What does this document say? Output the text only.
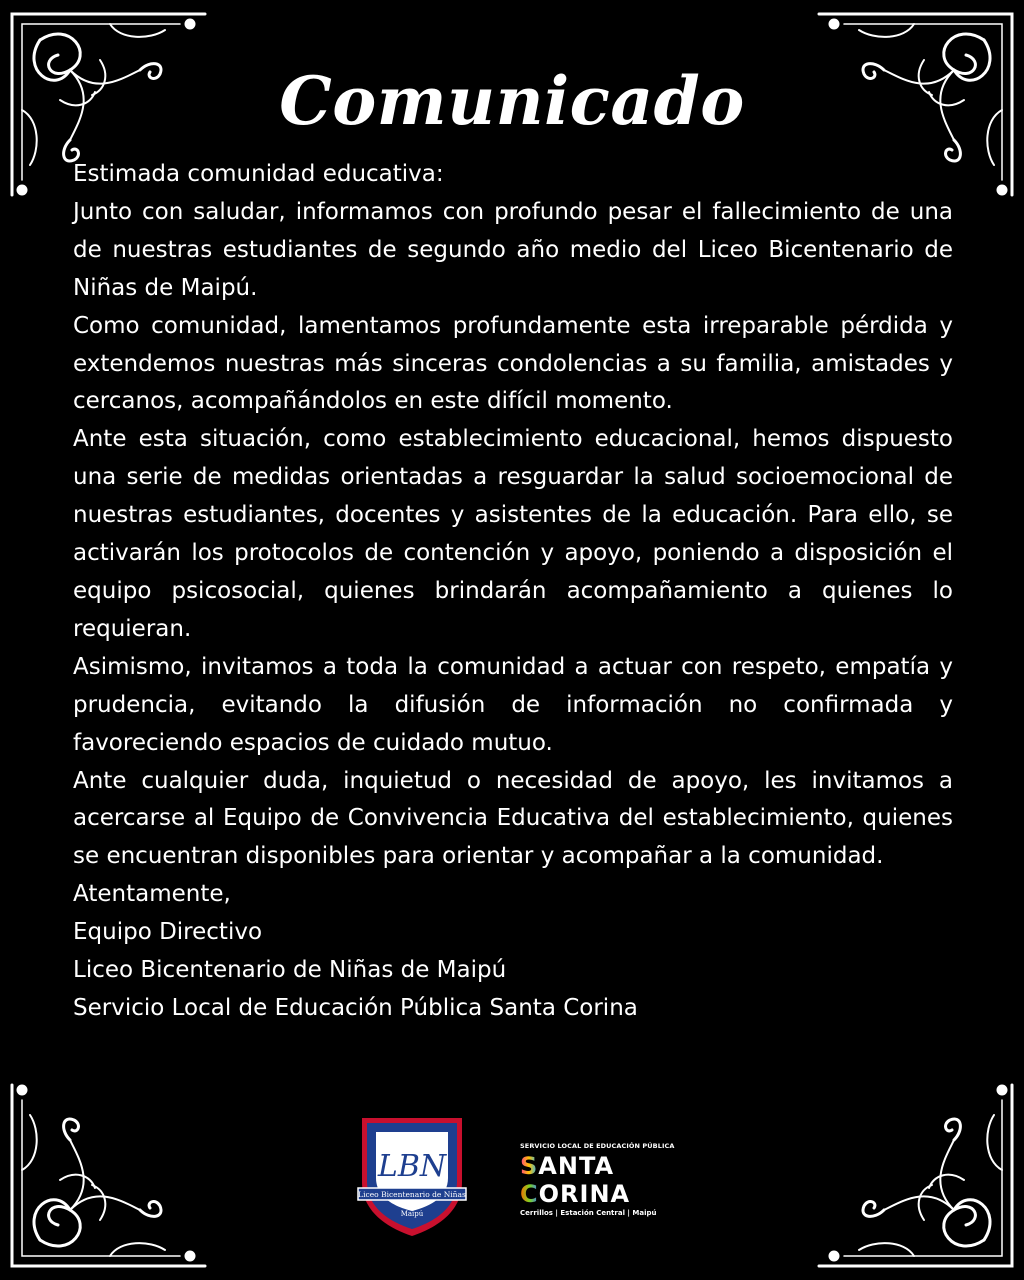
Comunicado

Estimada comunidad educativa:

Junto con saludar, informamos con profundo pesar el fallecimiento de una de nuestras estudiantes de segundo año medio del Liceo Bicentenario de Niñas de Maipú.

Como comunidad, lamentamos profundamente esta irreparable pérdida y extendemos nuestras más sinceras condolencias a su familia, amistades y cercanos, acompañándolos en este difícil momento.

Ante esta situación, como establecimiento educacional, hemos dispuesto una serie de medidas orientadas a resguardar la salud socioemocional de nuestras estudiantes, docentes y asistentes de la educación. Para ello, se activarán los protocolos de contención y apoyo, poniendo a disposición el equipo psicosocial, quienes brindarán acompañamiento a quienes lo requieran.

Asimismo, invitamos a toda la comunidad a actuar con respeto, empatía y prudencia, evitando la difusión de información no confirmada y favoreciendo espacios de cuidado mutuo.

Ante cualquier duda, inquietud o necesidad de apoyo, les invitamos a acercarse al Equipo de Convivencia Educativa del establecimiento, quienes se encuentran disponibles para orientar y acompañar a la comunidad.

Atentamente,

Equipo Directivo

Liceo Bicentenario de Niñas de Maipú

Servicio Local de Educación Pública Santa Corina

LBN
Liceo Bicentenario de Niñas
Maipú
SERVICIO LOCAL DE EDUCACIÓN PÚBLICA
S ANTA
C ORINA
Cerrillos | Estación Central | Maipú
